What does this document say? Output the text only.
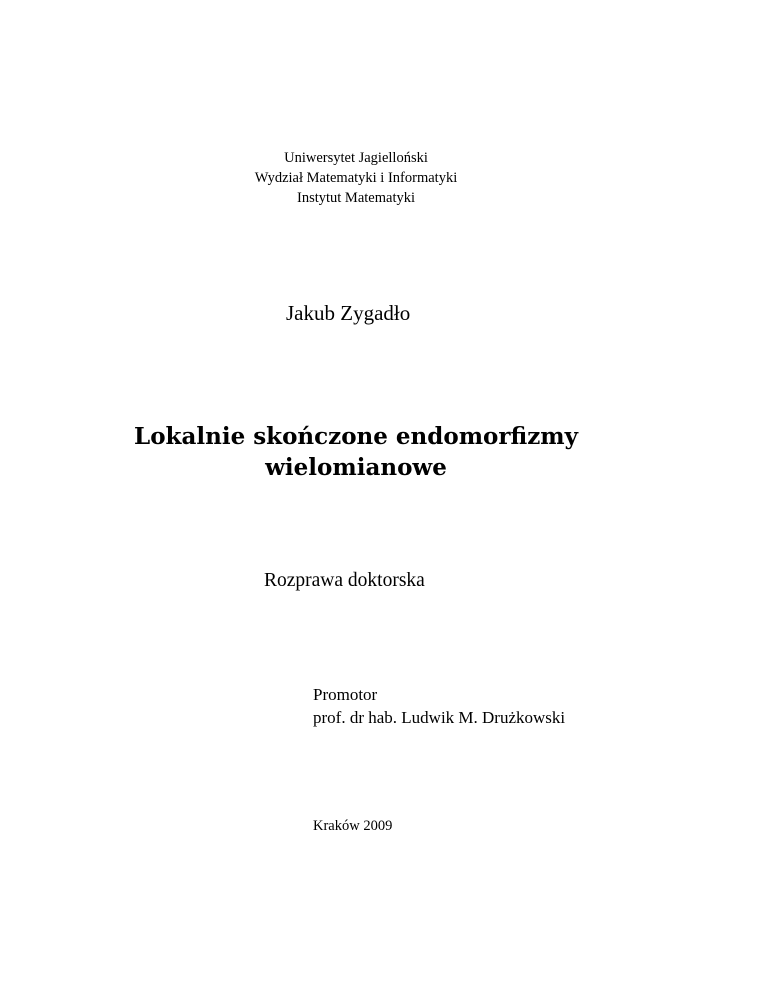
Uniwersytet Jagielloński
Wydział Matematyki i Informatyki
Instytut Matematyki
Jakub Zygadło
Lokalnie skończone endomorfizmy
wielomianowe
Rozprawa doktorska
Promotor
prof. dr hab. Ludwik M. Drużkowski
Kraków 2009
